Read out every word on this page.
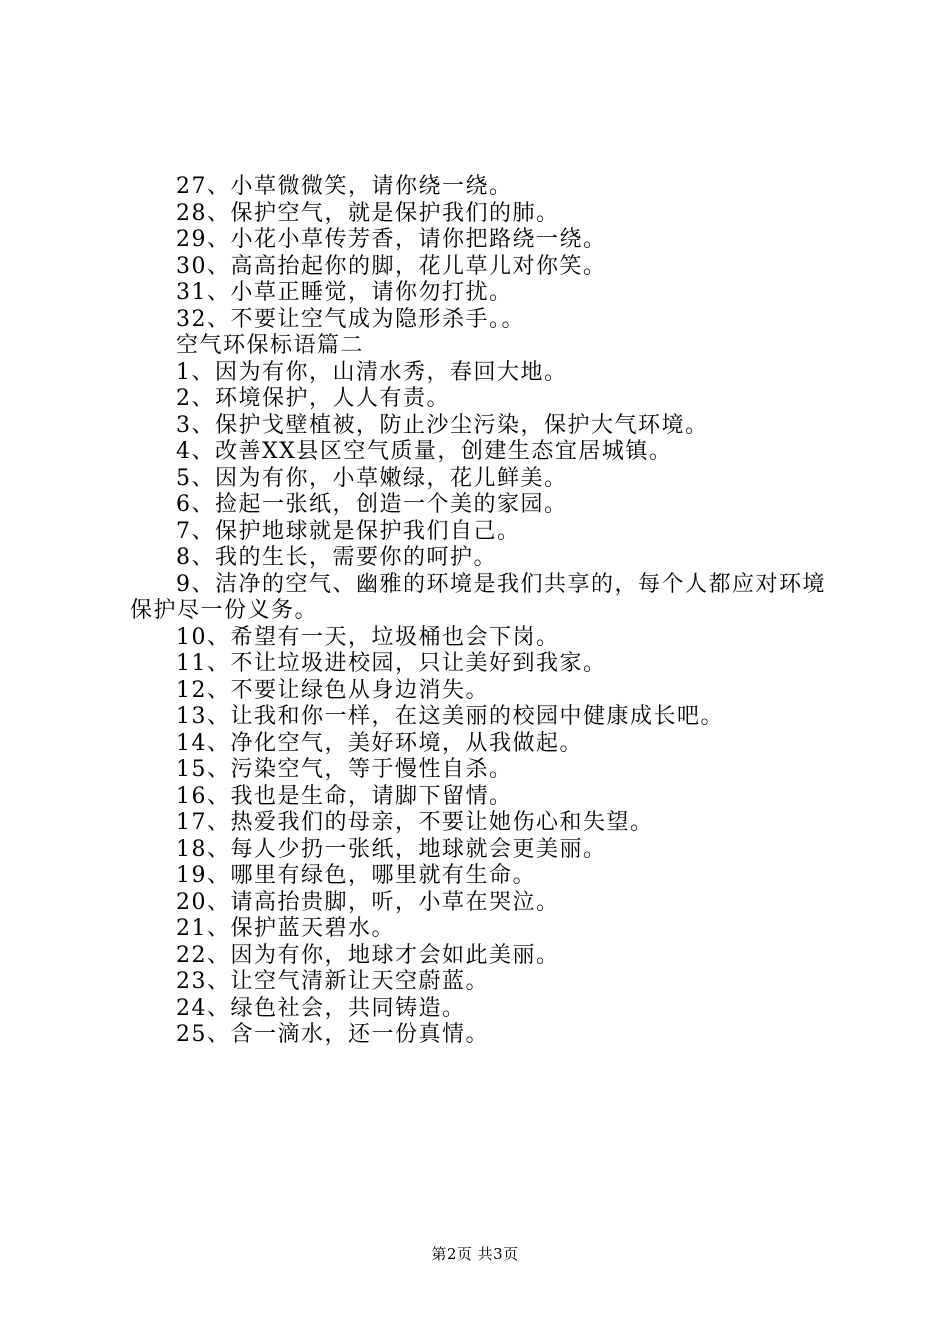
27、小草微微笑，请你绕一绕。
28、保护空气，就是保护我们的肺。
29、小花小草传芳香，请你把路绕一绕。
30、高高抬起你的脚，花儿草儿对你笑。
31、小草正睡觉，请你勿打扰。
32、不要让空气成为隐形杀手。。
空气环保标语篇二
1、因为有你，山清水秀，春回大地。
2、环境保护，人人有责。
3、保护戈壁植被，防止沙尘污染，保护大气环境。
4、改善XX县区空气质量，创建生态宜居城镇。
5、因为有你，小草嫩绿，花儿鲜美。
6、捡起一张纸，创造一个美的家园。
7、保护地球就是保护我们自己。
8、我的生长，需要你的呵护。
9、洁净的空气、幽雅的环境是我们共享的，每个人都应对环境保护尽一份义务。
10、希望有一天，垃圾桶也会下岗。
11、不让垃圾进校园，只让美好到我家。
12、不要让绿色从身边消失。
13、让我和你一样，在这美丽的校园中健康成长吧。
14、净化空气，美好环境，从我做起。
15、污染空气，等于慢性自杀。
16、我也是生命，请脚下留情。
17、热爱我们的母亲，不要让她伤心和失望。
18、每人少扔一张纸，地球就会更美丽。
19、哪里有绿色，哪里就有生命。
20、请高抬贵脚，听，小草在哭泣。
21、保护蓝天碧水。
22、因为有你，地球才会如此美丽。
23、让空气清新让天空蔚蓝。
24、绿色社会，共同铸造。
25、含一滴水，还一份真情。
第2页 共3页
